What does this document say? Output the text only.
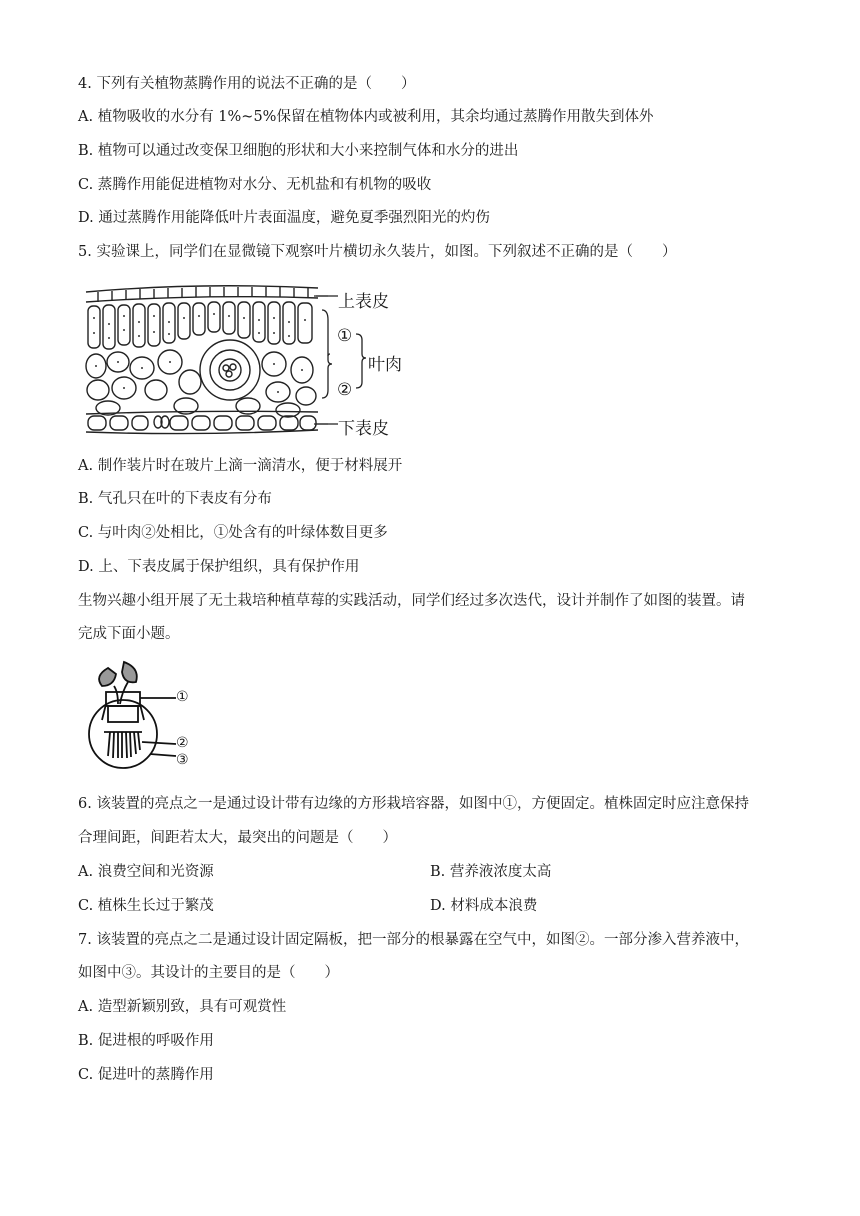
4. 下列有关植物蒸腾作用的说法不正确的是（　　）
A. 植物吸收的水分有 1%~5%保留在植物体内或被利用，其余均通过蒸腾作用散失到体外
B. 植物可以通过改变保卫细胞的形状和大小来控制气体和水分的进出
C. 蒸腾作用能促进植物对水分、无机盐和有机物的吸收
D. 通过蒸腾作用能降低叶片表面温度，避免夏季强烈阳光的灼伤
5. 实验课上，同学们在显微镜下观察叶片横切永久装片，如图。下列叙述不正确的是（　　）
上表皮
①
叶肉
②
下表皮
A. 制作装片时在玻片上滴一滴清水，便于材料展开
B. 气孔只在叶的下表皮有分布
C. 与叶肉②处相比，①处含有的叶绿体数目更多
D. 上、下表皮属于保护组织，具有保护作用
生物兴趣小组开展了无土栽培种植草莓的实践活动，同学们经过多次迭代，设计并制作了如图的装置。请
完成下面小题。
①
②
③
6. 该装置的亮点之一是通过设计带有边缘的方形栽培容器，如图中①，方便固定。植株固定时应注意保持
合理间距，间距若太大，最突出的问题是（　　）
A. 浪费空间和光资源	B. 营养液浓度太高
C. 植株生长过于繁茂	D. 材料成本浪费
7. 该装置的亮点之二是通过设计固定隔板，把一部分的根暴露在空气中，如图②。一部分渗入营养液中，
如图中③。其设计的主要目的是（　　）
A. 造型新颖别致，具有可观赏性
B. 促进根的呼吸作用
C. 促进叶的蒸腾作用
